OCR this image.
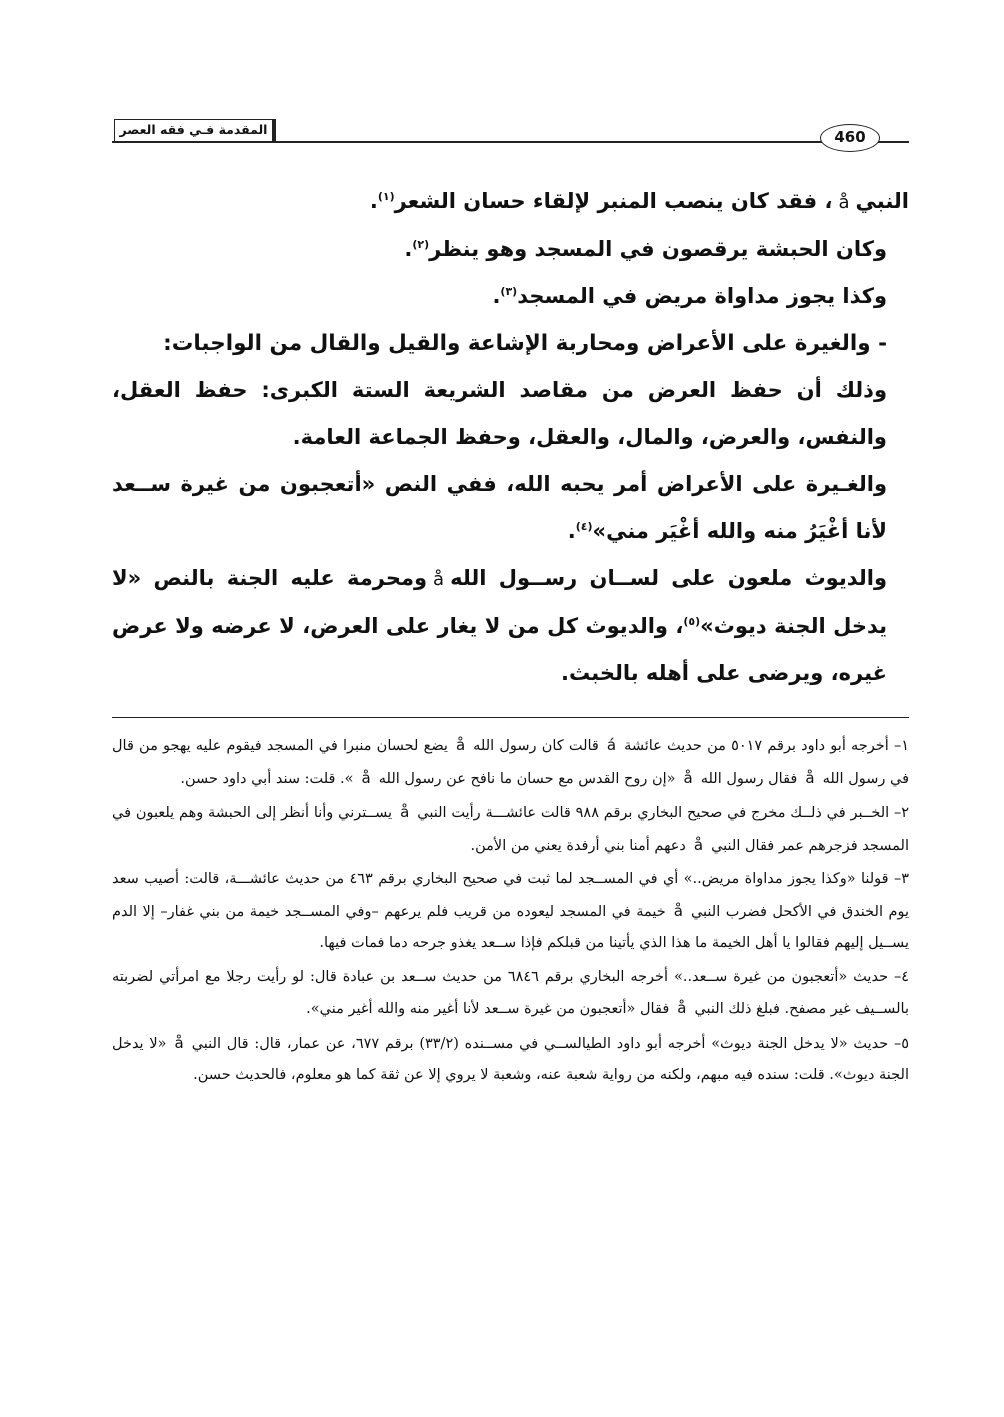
المقدمة فـي فقه العصر	460

النبيå، فقد كان ينصب المنبر لإلقاء حسان الشعر$^{(١)}$.

وكان الحبشة يرقصون في المسجد وهو ينظر$^{(٢)}$.

وكذا يجوز مداواة مريض في المسجد$^{(٣)}$.

- والغيرة على الأعراض ومحاربة الإشاعة والقيل والقال من الواجبات:

وذلك أن حفظ العرض من مقاصد الشريعة الستة الكبرى: حفظ العقل، والنفس، والعرض، والمال، والعقل، وحفظ الجماعة العامة.

والغـيرة على الأعراض أمر يحبه الله، ففي النص «أتعجبون من غيرة ســعد لأنا أغْيَرُ منه والله أغْيَر مني»$^{(٤)}$.

والديوث ملعون على لســان رســول اللهåومحرمة عليه الجنة بالنص «لا يدخل الجنة ديوث»$^{(٥)}$، والديوث كل من لا يغار على العرض، لا عرضه ولا عرض غيره، ويرضى على أهله بالخبث.

١– أخرجه أبو داود برقم ٥٠١٧ من حديث عائشةáقالت كان رسول اللهåيضع لحسان منبرا في المسجد فيقوم عليه يهجو من قال في رسول اللهåفقال رسول اللهå«إن روح القدس مع حسان ما نافح عن رسول اللهå». قلت: سند أبي داود حسن.

٢– الخــبر في ذلــك مخرج في صحيح البخاري برقم ٩٨٨ قالت عائشـــة رأيت النبيåيســترني وأنا أنظر إلى الحبشة وهم يلعبون في المسجد فزجرهم عمر فقال النبيåدعهم أمنا بني أرفدة يعني من الأمن.

٣– قولنا «وكذا يجوز مداواة مريض..» أي في المســجد لما ثبت في صحيح البخاري برقم ٤٦٣ من حديث عائشـــة، قالت: أصيب سعد يوم الخندق في الأكحل فضرب النبيåخيمة في المسجد ليعوده من قريب فلم يرعهم –وفي المســجد خيمة من بني غفار– إلا الدم يســيل إليهم فقالوا يا أهل الخيمة ما هذا الذي يأتينا من قبلكم فإذا ســعد يغذو جرحه دما فمات فيها.

٤– حديث «أتعجبون من غيرة ســعد..» أخرجه البخاري برقم ٦٨٤٦ من حديث ســعد بن عبادة قال: لو رأيت رجلا مع امرأتي لضربته بالســيف غير مصفح. فبلغ ذلك النبيåفقال «أتعجبون من غيرة ســعد لأنا أغير منه والله أغير مني».

٥– حديث «لا يدخل الجنة ديوث» أخرجه أبو داود الطيالســي في مســنده (٣٣/٢) برقم ٦٧٧، عن عمار، قال: قال النبيå«لا يدخل الجنة ديوث». قلت: سنده فيه مبهم، ولكنه من رواية شعبة عنه، وشعبة لا يروي إلا عن ثقة كما هو معلوم، فالحديث حسن.
